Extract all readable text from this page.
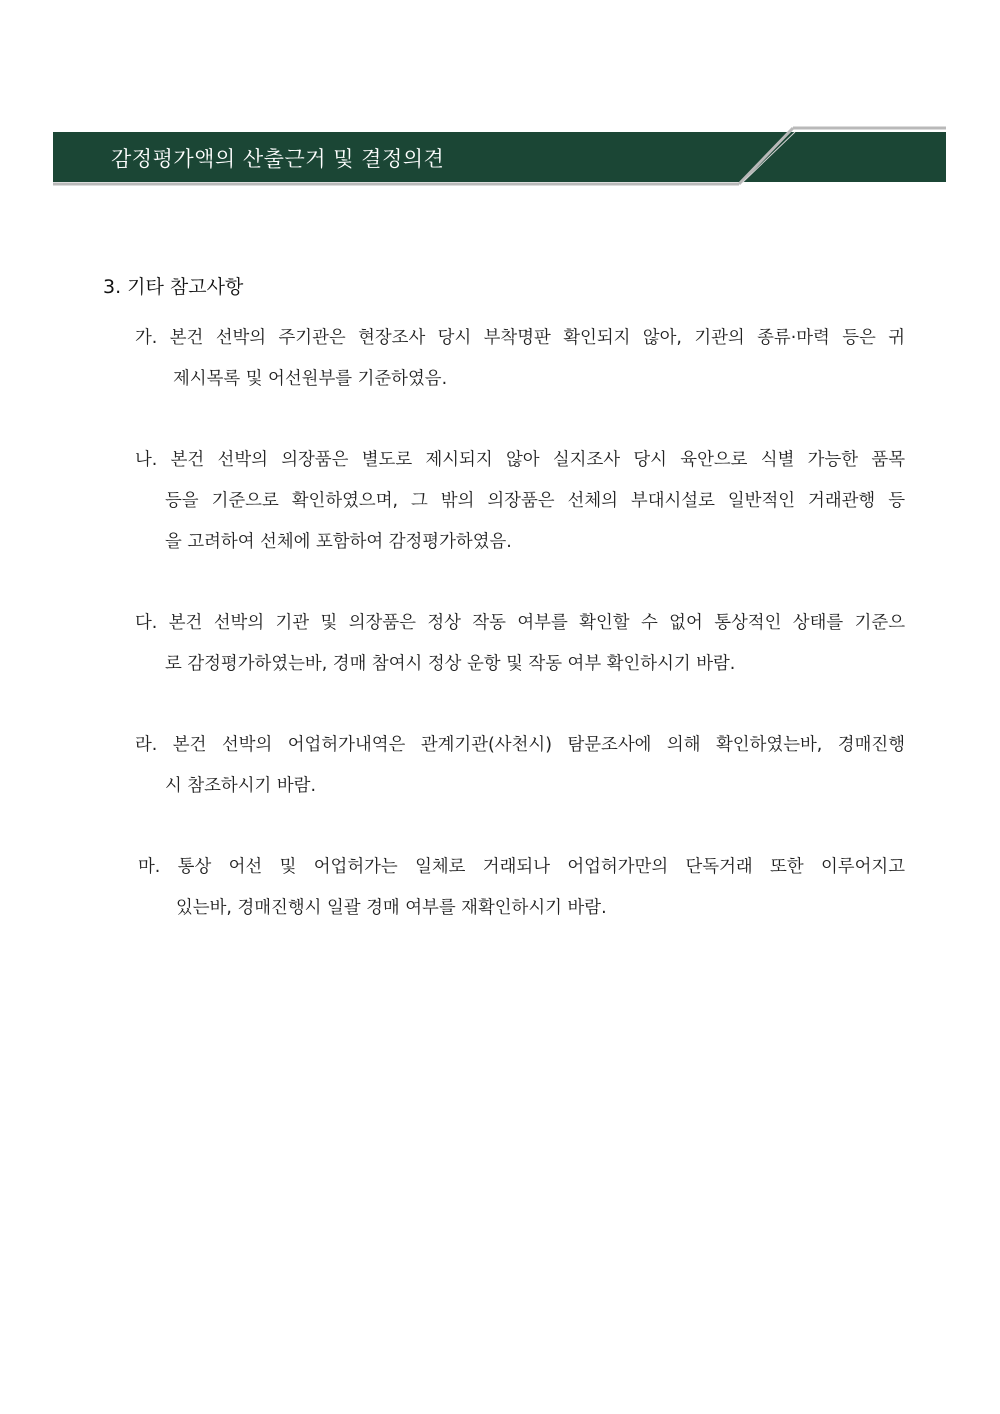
감정평가액의 산출근거 및 결정의견
3. 기타 참고사항
가. 본건 선박의 주기관은 현장조사 당시 부착명판 확인되지 않아, 기관의 종류·마력 등은 귀
제시목록 및 어선원부를 기준하였음.
나. 본건 선박의 의장품은 별도로 제시되지 않아 실지조사 당시 육안으로 식별 가능한 품목
등을 기준으로 확인하였으며, 그 밖의 의장품은 선체의 부대시설로 일반적인 거래관행 등
을 고려하여 선체에 포함하여 감정평가하였음.
다. 본건 선박의 기관 및 의장품은 정상 작동 여부를 확인할 수 없어 통상적인 상태를 기준으
로 감정평가하였는바, 경매 참여시 정상 운항 및 작동 여부 확인하시기 바람.
라. 본건 선박의 어업허가내역은 관계기관(사천시) 탐문조사에 의해 확인하였는바, 경매진행
시 참조하시기 바람.
마. 통상 어선 및 어업허가는 일체로 거래되나 어업허가만의 단독거래 또한 이루어지고
있는바, 경매진행시 일괄 경매 여부를 재확인하시기 바람.
